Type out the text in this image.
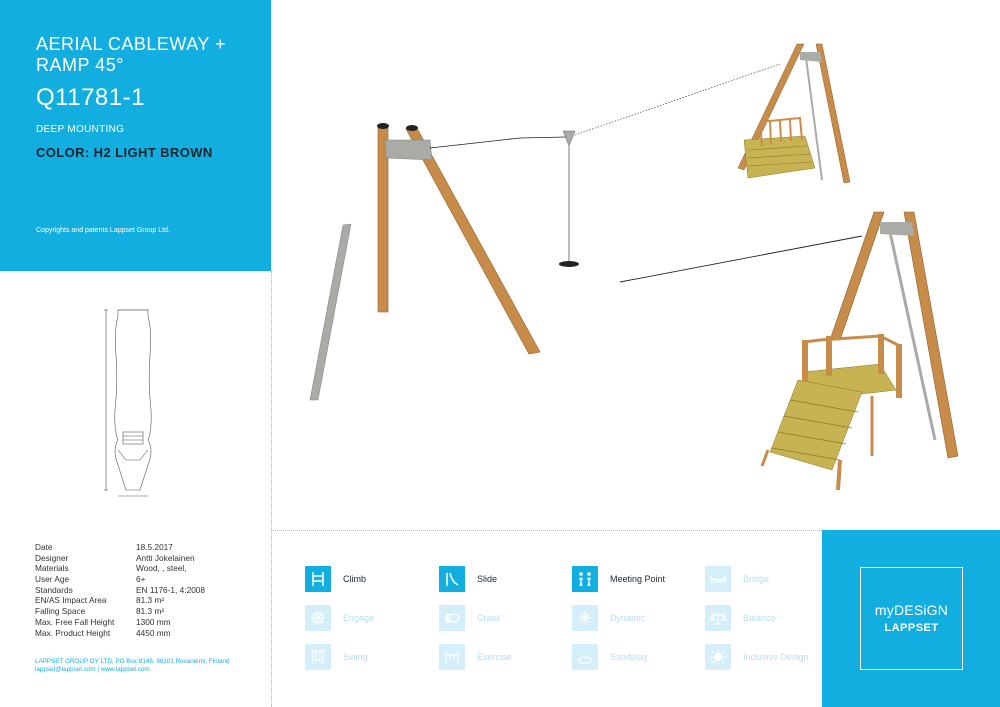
AERIAL CABLEWAY +
RAMP 45°
Q11781-1
DEEP MOUNTING
COLOR: H2 LIGHT BROWN
Copyrights and patents Lappset Group Ltd.
Date	18.5.2017
Designer	Antti Jokelainen
Materials	Wood, , steel,
User Age	6+
Standards	EN 1176-1, 4:2008
EN/AS Impact Area	81.3 m²
Falling Space	81.3 m²
Max. Free Fall Height	1300 mm
Max. Product Height	4450 mm
LAPPSET GROUP OY LTD, PO Box 8146, 96101 Rovaniemi, Finland
lappset@lappset.com | www.lappset.com
Climb	Slide	Meeting Point	Bridge
Engage	Crawl	Dynamic	Balance
Swing	Exercise	Sandplay	Inclusive Design
myDESiGN
LAPPSET
